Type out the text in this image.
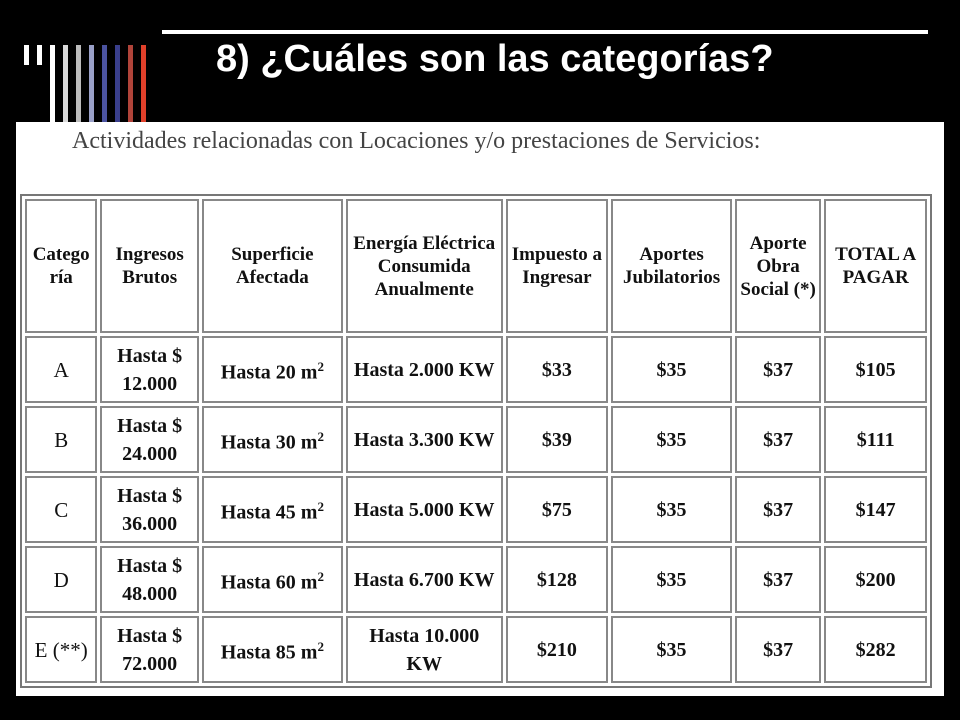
8) ¿Cuáles son las categorías?
Actividades relacionadas con Locaciones y/o prestaciones de Servicios:
Catego ría	Ingresos Brutos	Superficie Afectada	Energía Eléctrica Consumida Anualmente	Impuesto a Ingresar	Aportes Jubilatorios	Aporte Obra Social (*)	TOTAL A PAGAR
A	Hasta $ 12.000	Hasta 20 $m^2$	Hasta 2.000 KW	$33	$35	$37	$105
B	Hasta $ 24.000	Hasta 30 $m^2$	Hasta 3.300 KW	$39	$35	$37	$111
C	Hasta $ 36.000	Hasta 45 $m^2$	Hasta 5.000 KW	$75	$35	$37	$147
D	Hasta $ 48.000	Hasta 60 $m^2$	Hasta 6.700 KW	$128	$35	$37	$200
E (**)	Hasta $ 72.000	Hasta 85 $m^2$	Hasta 10.000 KW	$210	$35	$37	$282
